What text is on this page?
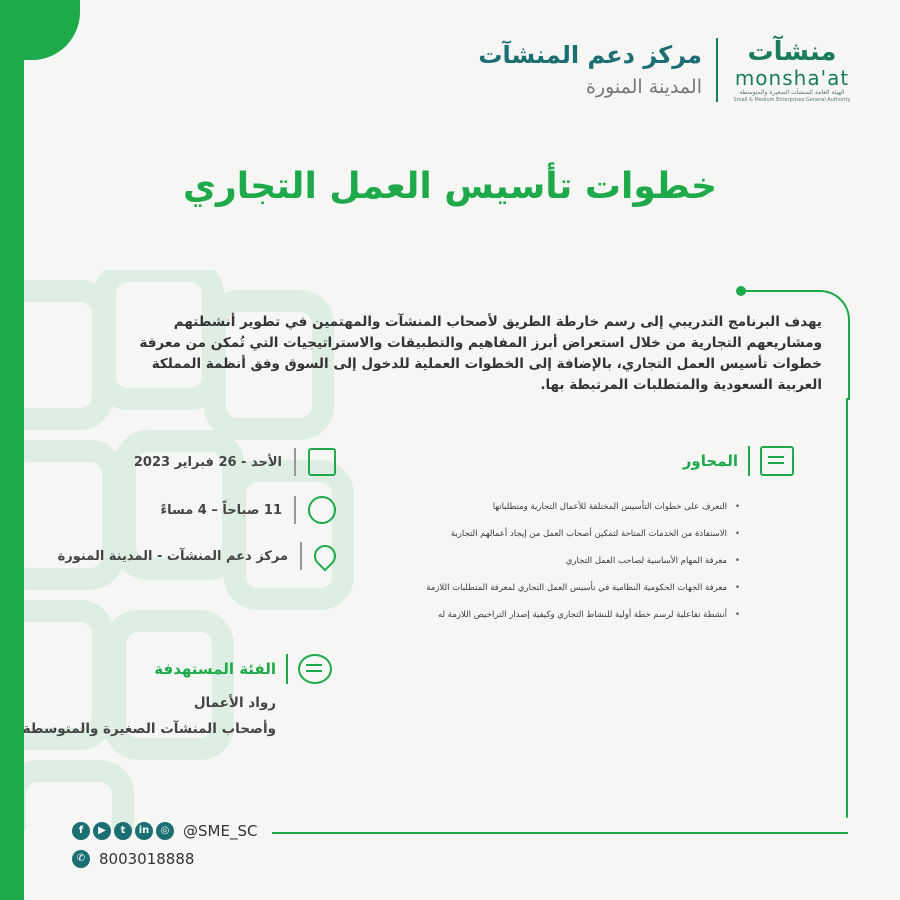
مركز دعم المنشآت
المدينة المنورة
منشآت
monsha'at
الهيئة العامة للمنشآت الصغيرة والمتوسطة
Small & Medium Enterprises General Authority
خطوات تأسيس العمل التجاري
يهدف البرنامج التدريبي إلى رسم خارطة الطريق لأصحاب المنشآت والمهتمين في تطوير أنشطتهم ومشاريعهم التجارية من خلال استعراض أبرز المفاهيم والتطبيقات والاستراتيجيات التي تُمكن من معرفة خطوات تأسيس العمل التجاري، بالإضافة إلى الخطوات العملية للدخول إلى السوق وفق أنظمة المملكة العربية السعودية والمتطلبات المرتبطة بها.
المحاور
• التعرف على خطوات التأسيس المختلفة للأعمال التجارية ومتطلباتها
• الاستفادة من الخدمات المتاحة لتمكين أصحاب العمل من إيجاد أعمالهم التجارية
• معرفة المهام الأساسية لصاحب العمل التجاري
• معرفة الجهات الحكومية النظامية في تأسيس العمل التجاري لمعرفة المتطلبات اللازمة
• أنشطة تفاعلية لرسم خطة أولية للنشاط التجاري وكيفية إصدار التراخيص اللازمة له
الأحد - 26 فبراير 2023
11 صباحاً – 4 مساءً
مركز دعم المنشآت - المدينة المنورة
الفئة المستهدفة
رواد الأعمال
وأصحاب المنشآت الصغيرة والمتوسطة
f	▶	t	in	◎ @SME_SC
✆ 8003018888
